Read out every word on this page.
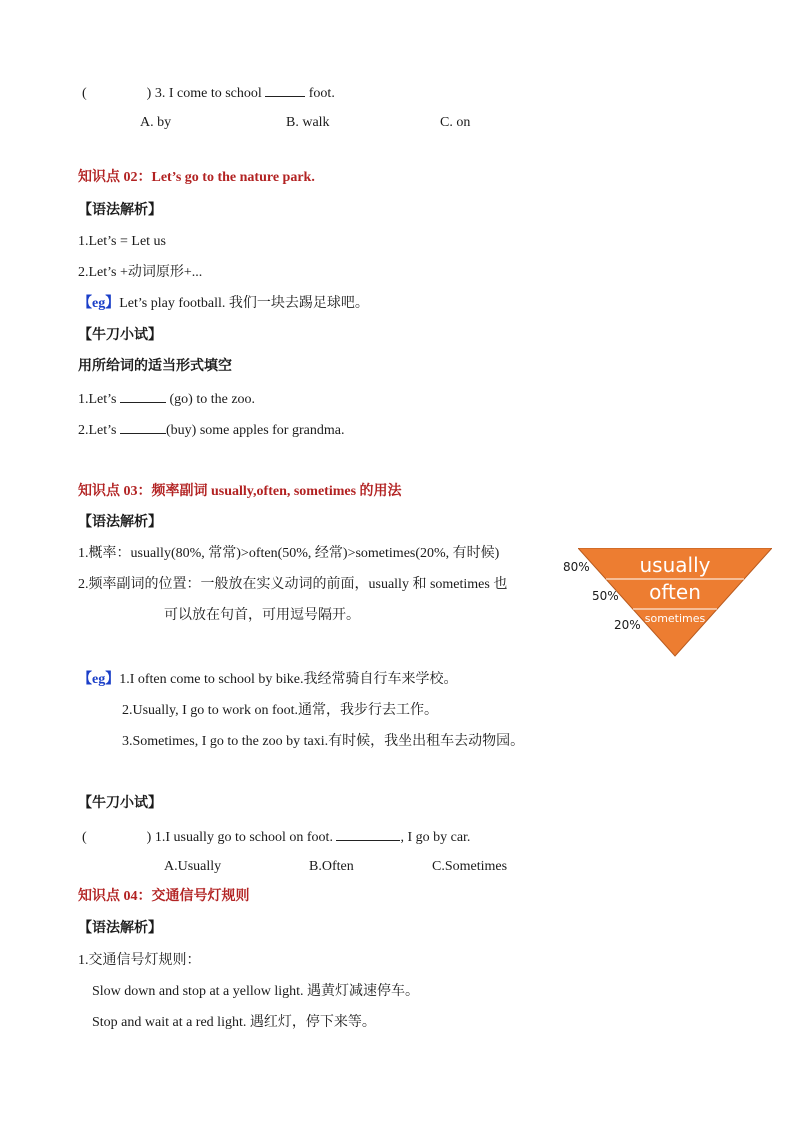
(	) 3. I come to school	foot.
A. by	B. walk	C. on
知识点 02：Let’s go to the nature park.
【语法解析】
1.Let’s = Let us
2.Let’s +动词原形+...
【eg】Let’s play football. 我们一块去踢足球吧。
【牛刀小试】
用所给词的适当形式填空
1.Let’s	(go) to the zoo.
2.Let’s	(buy) some apples for grandma.
知识点 03：频率副词 usually,often, sometimes 的用法
【语法解析】
1.概率：usually(80%, 常常)>often(50%, 经常)>sometimes(20%, 有时候)
2.频率副词的位置：一般放在实义动词的前面，usually 和 sometimes 也
可以放在句首，可用逗号隔开。
usually
often
sometimes
80%
50%
20%
【eg】1.I often come to school by bike.我经常骑自行车来学校。
2.Usually, I go to work on foot.通常，我步行去工作。
3.Sometimes, I go to the zoo by taxi.有时候，我坐出租车去动物园。
【牛刀小试】
(	) 1.I usually go to school on foot.	, I go by car.
A.Usually	B.Often	C.Sometimes
知识点 04：交通信号灯规则
【语法解析】
1.交通信号灯规则：
Slow down and stop at a yellow light. 遇黄灯减速停车。
Stop and wait at a red light. 遇红灯，停下来等。
